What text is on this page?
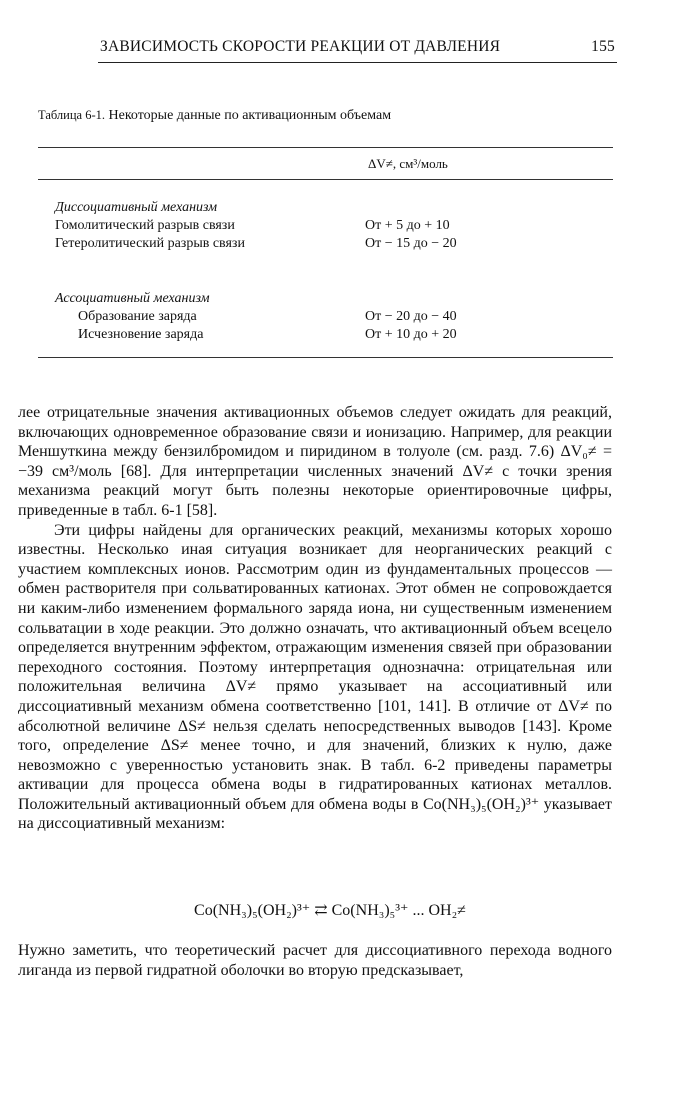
ЗАВИСИМОСТЬ СКОРОСТИ РЕАКЦИИ ОТ ДАВЛЕНИЯ	155
Таблица 6-1. Некоторые данные по активационным объемам
ΔV≠, см³/моль
Диссоциативный механизм
Гомолитический разрыв связи	От + 5 до + 10
Гетеролитический разрыв связи	От − 15 до − 20
Ассоциативный механизм
Образование заряда	От − 20 до − 40
Исчезновение заряда	От + 10 до + 20

лее отрицательные значения активационных объемов следует ожидать для реакций, включающих одновременное образование связи и ионизацию. Например, для реакции Меншуткина между бензилбромидом и пиридином в толуоле (см. разд. 7.6) ΔV₀≠ = −39 см³/моль [68]. Для интерпретации численных значений ΔV≠ с точки зрения механизма реакций могут быть полезны некоторые ориентировочные цифры, приведенные в табл. 6-1 [58].

Эти цифры найдены для органических реакций, механизмы которых хорошо известны. Несколько иная ситуация возникает для неорганических реакций с участием комплексных ионов. Рассмотрим один из фундаментальных процессов — обмен растворителя при сольватированных катионах. Этот обмен не сопровождается ни каким-либо изменением формального заряда иона, ни существенным изменением сольватации в ходе реакции. Это должно означать, что активационный объем всецело определяется внутренним эффектом, отражающим изменения связей при образовании переходного состояния. Поэтому интерпретация однозначна: отрицательная или положительная величина ΔV≠ прямо указывает на ассоциативный или диссоциативный механизм обмена соответственно [101, 141]. В отличие от ΔV≠ по абсолютной величине ΔS≠ нельзя сделать непосредственных выводов [143]. Кроме того, определение ΔS≠ менее точно, и для значений, близких к нулю, даже невозможно с уверенностью установить знак. В табл. 6-2 приведены параметры активации для процесса обмена воды в гидратированных катионах металлов. Положительный активационный объем для обмена воды в Co(NH₃)₅(OH₂)³⁺ указывает на диссоциативный механизм:

Co(NH₃)₅(OH₂)³⁺ ⇄ Co(NH₃)₅³⁺ ... OH₂≠

Нужно заметить, что теоретический расчет для диссоциативного перехода водного лиганда из первой гидратной оболочки во вторую предсказывает,
